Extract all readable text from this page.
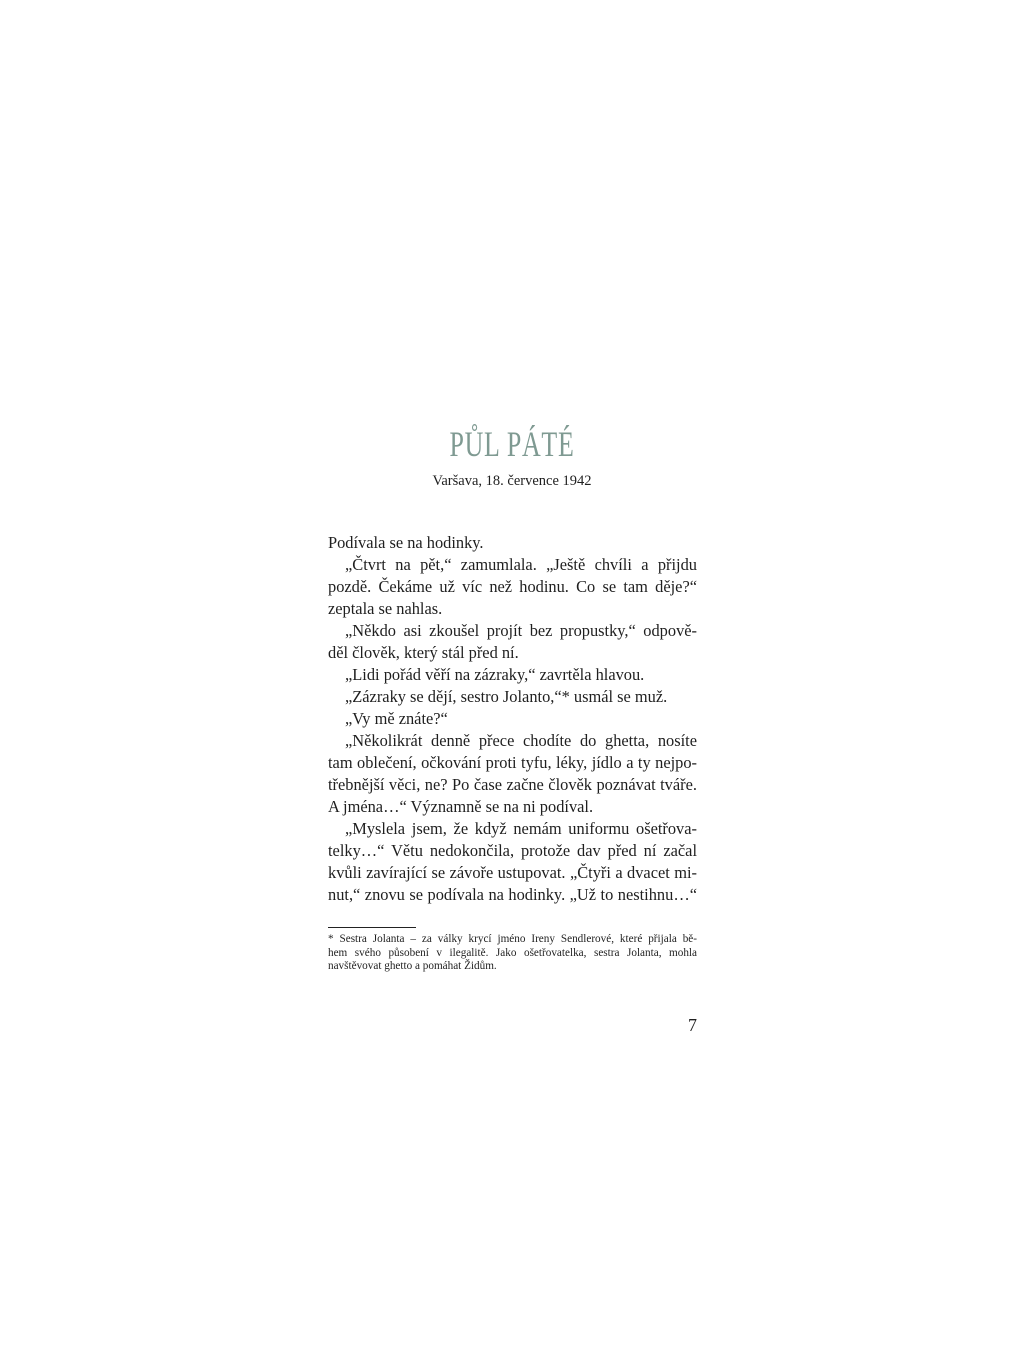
PŮL PÁTÉ
Varšava, 18. července 1942
Podívala se na hodinky.
„Čtvrt na pět,“ zamumlala. „Ještě chvíli a přijdu
pozdě. Čekáme už víc než hodinu. Co se tam děje?“
zeptala se nahlas.
„Někdo asi zkoušel projít bez propustky,“ odpově-
děl člověk, který stál před ní.
„Lidi pořád věří na zázraky,“ zavrtěla hlavou.
„Zázraky se dějí, sestro Jolanto,“* usmál se muž.
„Vy mě znáte?“
„Několikrát denně přece chodíte do ghetta, nosíte
tam oblečení, očkování proti tyfu, léky, jídlo a ty nejpo-
třebnější věci, ne? Po čase začne člověk poznávat tváře.
A jména…“ Významně se na ni podíval.
„Myslela jsem, že když nemám uniformu ošetřova-
telky…“ Větu nedokončila, protože dav před ní začal
kvůli zavírající se závoře ustupovat. „Čtyři a dvacet mi-
nut,“ znovu se podívala na hodinky. „Už to nestihnu…“
* Sestra Jolanta – za války krycí jméno Ireny Sendlerové, které přijala bě-
hem svého působení v ilegalitě. Jako ošetřovatelka, sestra Jolanta, mohla
navštěvovat ghetto a pomáhat Židům.
7
